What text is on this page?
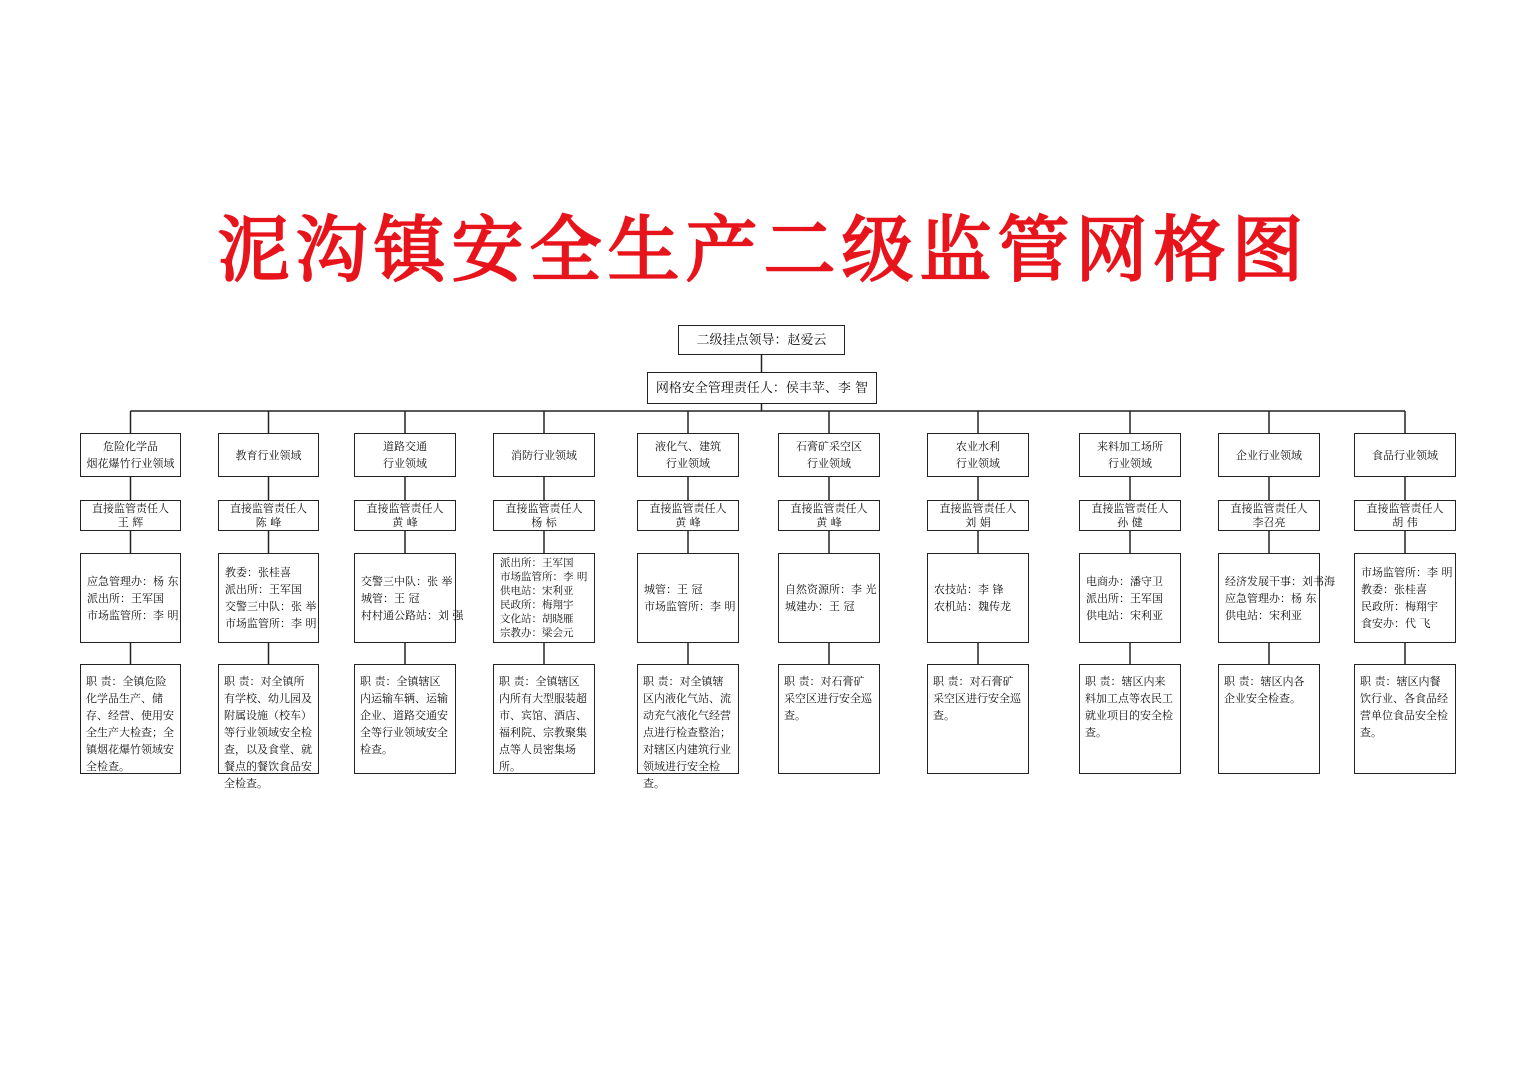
泥沟镇安全生产二级监管网格图
二级挂点领导：赵爱云
网格安全管理责任人：侯丰苹、李 智
危险化学品
烟花爆竹行业领域
直接监管责任人
王 辉
应急管理办：杨 东
派出所：王军国
市场监管所：李 明
职 责：全镇危险化学品生产、储存、经营、使用安全生产大检查；全镇烟花爆竹领域安全检查。
教育行业领域
直接监管责任人
陈 峰
教委：张桂喜
派出所：王军国
交警三中队：张 举
市场监管所：李 明
职 责：对全镇所有学校、幼儿园及附属设施（校车）等行业领域安全检查，以及食堂、就餐点的餐饮食品安全检查。
道路交通
行业领域
直接监管责任人
黄 峰
交警三中队：张 举
城管：王 冠
村村通公路站：刘 强
职 责：全镇辖区内运输车辆、运输企业、道路交通安全等行业领域安全检查。
消防行业领域
直接监管责任人
杨 标
派出所：王军国
市场监管所：李 明
供电站：宋利亚
民政所：梅翔宇
文化站：胡晓雁
宗教办：梁会元
职 责：全镇辖区内所有大型服装超市、宾馆、酒店、福利院、宗教聚集点等人员密集场所。
液化气、建筑
行业领域
直接监管责任人
黄 峰
城管：王 冠
市场监管所：李 明
职 责：对全镇辖区内液化气站、流动充气液化气经营点进行检查整治；对辖区内建筑行业领域进行安全检查。
石膏矿采空区
行业领域
直接监管责任人
黄 峰
自然资源所：李 光
城建办：王 冠
职 责：对石膏矿采空区进行安全巡查。
农业水利
行业领域
直接监管责任人
刘 娟
农技站：李 锋
农机站：魏传龙
职 责：对石膏矿采空区进行安全巡查。
来料加工场所
行业领域
直接监管责任人
孙 健
电商办：潘守卫
派出所：王军国
供电站：宋利亚
职 责：辖区内来料加工点等农民工就业项目的安全检查。
企业行业领域
直接监管责任人
李召亮
经济发展干事：刘书海
应急管理办：杨 东
供电站：宋利亚
职 责：辖区内各企业安全检查。
食品行业领域
直接监管责任人
胡 伟
市场监管所：李 明
教委：张桂喜
民政所：梅翔宇
食安办：代 飞
职 责：辖区内餐饮行业、各食品经营单位食品安全检查。
